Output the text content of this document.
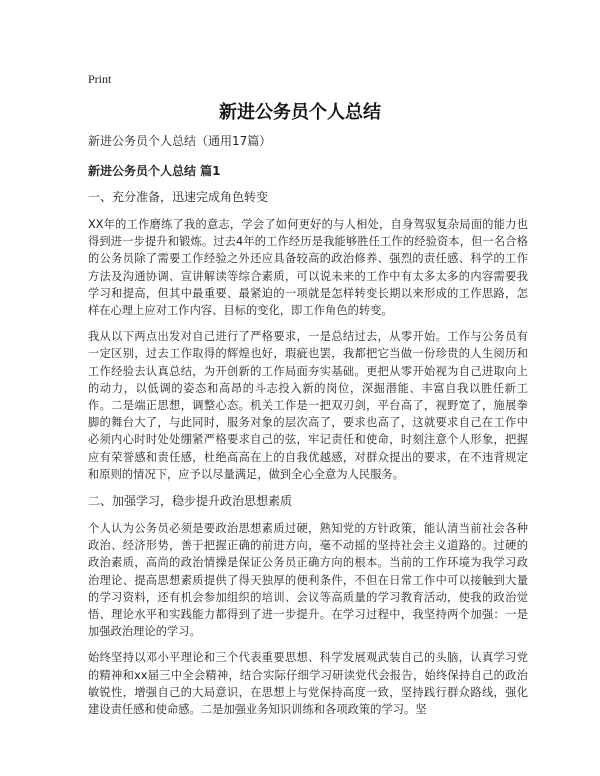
Print
新进公务员个人总结

新进公务员个人总结（通用17篇）

新进公务员个人总结 篇1

一、充分准备，迅速完成角色转变

XX年的工作磨练了我的意志，学会了如何更好的与人相处，自身驾驭复杂局面的能力也得到进一步提升和锻炼。过去4年的工作经历是我能够胜任工作的经验资本，但一名合格的公务员除了需要工作经验之外还应具备较高的政治修养、强烈的责任感、科学的工作方法及沟通协调、宣讲解读等综合素质，可以说未来的工作中有太多太多的内容需要我学习和提高，但其中最重要、最紧迫的一项就是怎样转变长期以来形成的工作思路，怎样在心理上应对工作内容、目标的变化，即工作角色的转变。

我从以下两点出发对自己进行了严格要求，一是总结过去，从零开始。工作与公务员有一定区别，过去工作取得的辉煌也好，瑕疵也罢，我都把它当做一份珍贵的人生阅历和工作经验去认真总结，为开创新的工作局面夯实基础。更把从零开始视为自己进取向上的动力，以低调的姿态和高昂的斗志投入新的岗位，深掘潜能、丰富自我以胜任新工作。二是端正思想，调整心态。机关工作是一把双刃剑，平台高了，视野宽了，施展拳脚的舞台大了，与此同时，服务对象的层次高了，要求也高了，这就要求自己在工作中必须内心时时处处绷紧严格要求自己的弦，牢记责任和使命，时刻注意个人形象，把握应有荣誉感和责任感，杜绝高高在上的自我优越感，对群众提出的要求，在不违背规定和原则的情况下，应予以尽量满足，做到全心全意为人民服务。

二、加强学习，稳步提升政治思想素质

个人认为公务员必须是要政治思想素质过硬，熟知党的方针政策，能认清当前社会各种政治、经济形势，善于把握正确的前进方向，毫不动摇的坚持社会主义道路的。过硬的政治素质，高尚的政治情操是保证公务员正确方向的根本。当前的工作环境为我学习政治理论、提高思想素质提供了得天独厚的便利条件，不但在日常工作中可以接触到大量的学习资料，还有机会参加组织的培训、会议等高质量的学习教育活动，使我的政治觉悟、理论水平和实践能力都得到了进一步提升。在学习过程中，我坚持两个加强：一是加强政治理论的学习。

始终坚持以邓小平理论和三个代表重要思想、科学发展观武装自己的头脑，认真学习党的精神和xx届三中全会精神，结合实际仔细学习研读党代会报告，始终保持自己的政治敏锐性，增强自己的大局意识，在思想上与党保持高度一致，坚持践行群众路线，强化建设责任感和使命感。二是加强业务知识训练和各项政策的学习。坚
